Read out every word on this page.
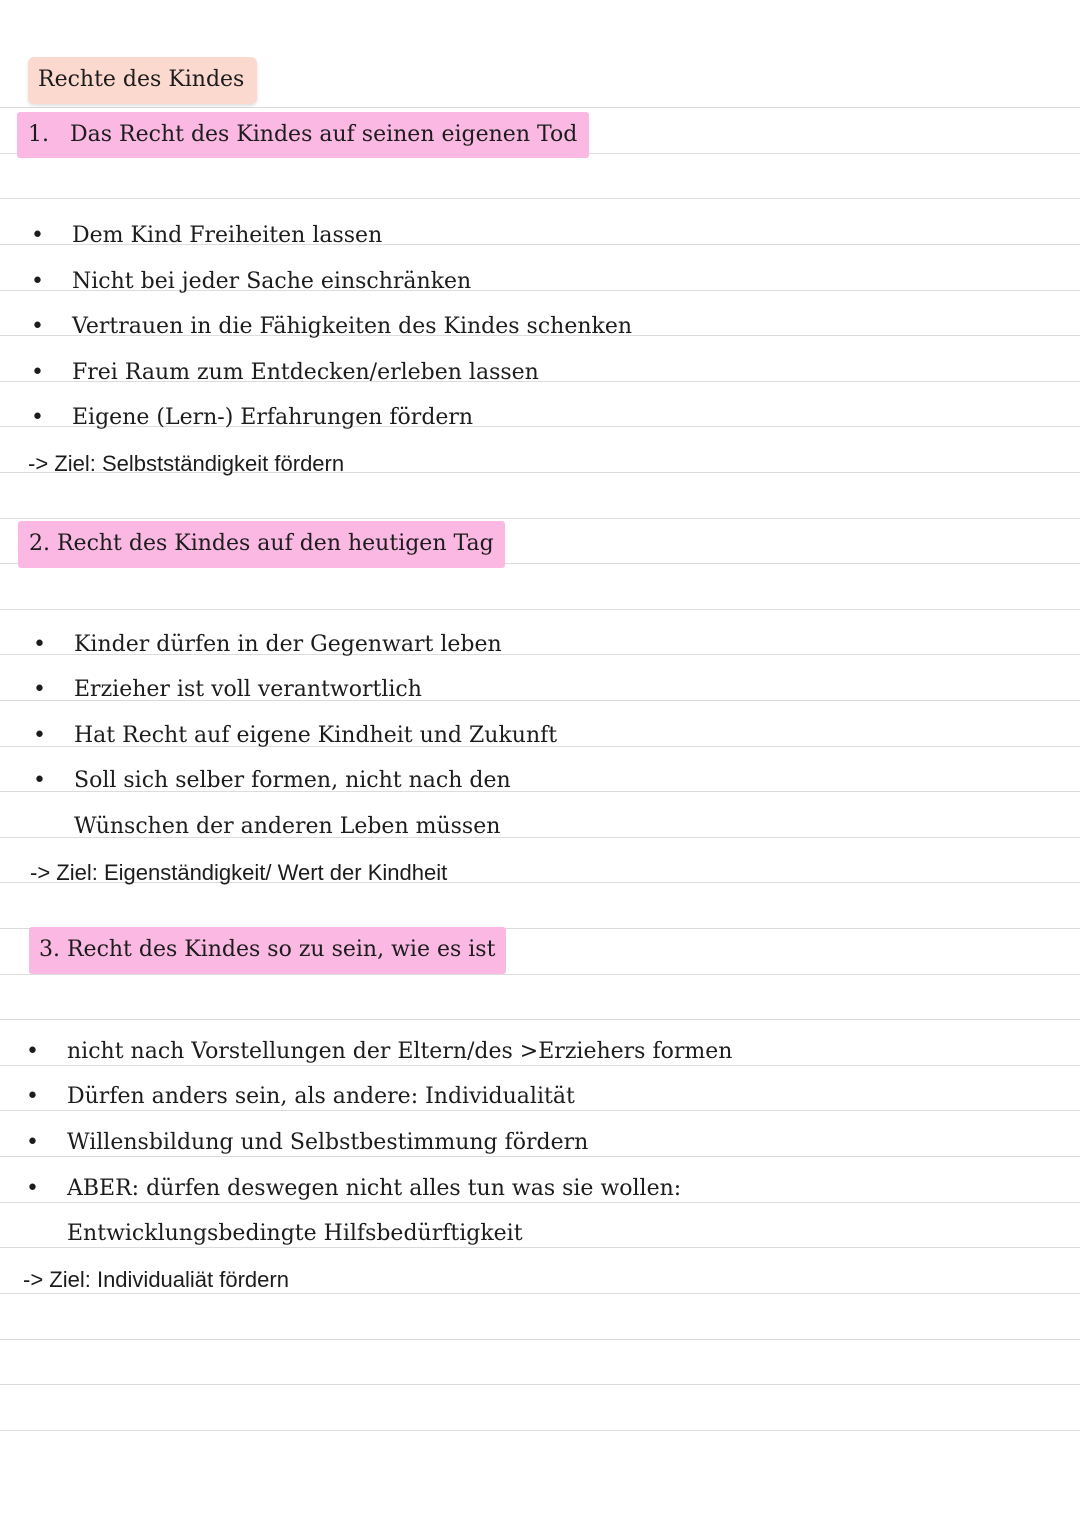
Rechte des Kindes
1. Das Recht des Kindes auf seinen eigenen Tod
• Dem Kind Freiheiten lassen
• Nicht bei jeder Sache einschränken
• Vertrauen in die Fähigkeiten des Kindes schenken
• Frei Raum zum Entdecken/erleben lassen
• Eigene (Lern-) Erfahrungen fördern
-> Ziel: Selbstständigkeit fördern
2. Recht des Kindes auf den heutigen Tag
• Kinder dürfen in der Gegenwart leben
• Erzieher ist voll verantwortlich
• Hat Recht auf eigene Kindheit und Zukunft
• Soll sich selber formen, nicht nach den
Wünschen der anderen Leben müssen
-> Ziel: Eigenständigkeit/ Wert der Kindheit
3. Recht des Kindes so zu sein, wie es ist
• nicht nach Vorstellungen der Eltern/des >Erziehers formen
• Dürfen anders sein, als andere: Individualität
• Willensbildung und Selbstbestimmung fördern
• ABER: dürfen deswegen nicht alles tun was sie wollen:
Entwicklungsbedingte Hilfsbedürftigkeit
-> Ziel: Individualiät fördern
